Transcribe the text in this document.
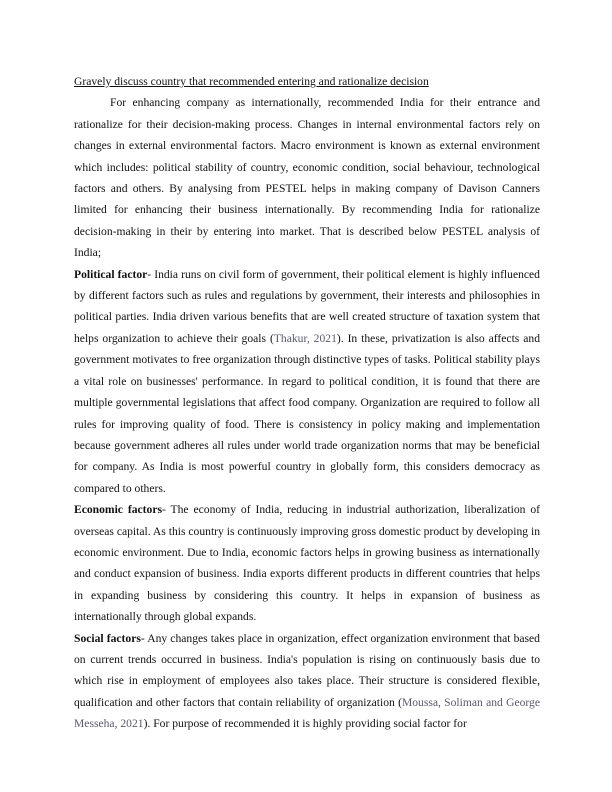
Gravely discuss country that recommended entering and rationalize decision

For enhancing company as internationally, recommended India for their entrance and rationalize for their decision-making process. Changes in internal environmental factors rely on changes in external environmental factors. Macro environment is known as external environment which includes: political stability of country, economic condition, social behaviour, technological factors and others. By analysing from PESTEL helps in making company of Davison Canners limited for enhancing their business internationally. By recommending India for rationalize decision-making in their by entering into market. That is described below PESTEL analysis of India;

Political factor- India runs on civil form of government, their political element is highly influenced by different factors such as rules and regulations by government, their interests and philosophies in political parties. India driven various benefits that are well created structure of taxation system that helps organization to achieve their goals (Thakur, 2021). In these, privatization is also affects and government motivates to free organization through distinctive types of tasks. Political stability plays a vital role on businesses' performance. In regard to political condition, it is found that there are multiple governmental legislations that affect food company. Organization are required to follow all rules for improving quality of food. There is consistency in policy making and implementation because government adheres all rules under world trade organization norms that may be beneficial for company. As India is most powerful country in globally form, this considers democracy as compared to others.

Economic factors- The economy of India, reducing in industrial authorization, liberalization of overseas capital. As this country is continuously improving gross domestic product by developing in economic environment. Due to India, economic factors helps in growing business as internationally and conduct expansion of business. India exports different products in different countries that helps in expanding business by considering this country. It helps in expansion of business as internationally through global expands.

Social factors- Any changes takes place in organization, effect organization environment that based on current trends occurred in business. India's population is rising on continuously basis due to which rise in employment of employees also takes place. Their structure is considered flexible, qualification and other factors that contain reliability of organization (Moussa, Soliman and George Messeha, 2021). For purpose of recommended it is highly providing social factor for
